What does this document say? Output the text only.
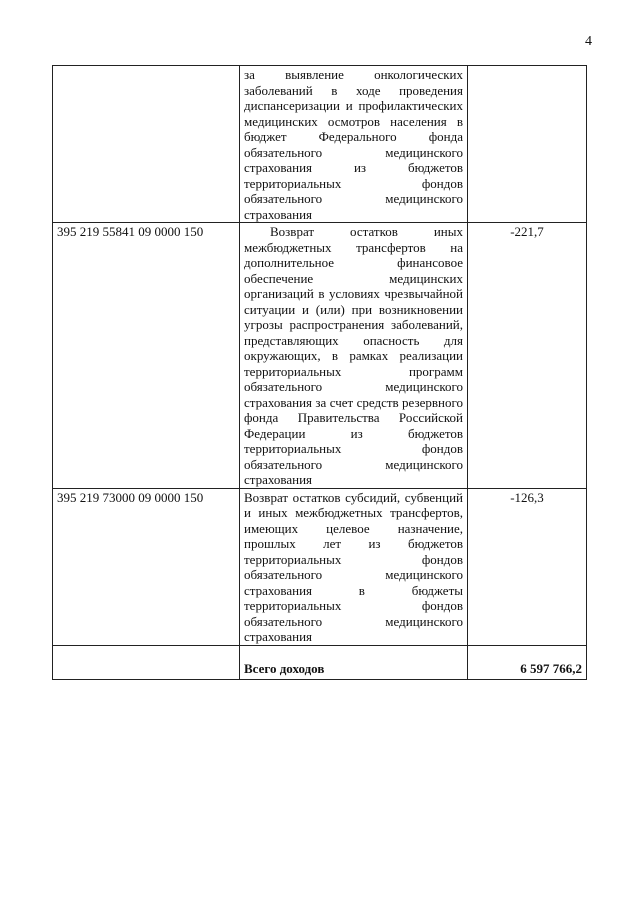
4

	за выявление онкологических заболеваний в ходе проведения диспансеризации и профилактических медицинских осмотров населения в бюджет Федерального фонда обязательного медицинского страхования из бюджетов территориальных фондов обязательного медицинского страхования	

395 219 55841 09 0000 150	Возврат остатков иных межбюджетных трансфертов на дополнительное финансовое обеспечение медицинских организаций в условиях чрезвычайной ситуации и (или) при возникновении угрозы распространения заболеваний, представляющих опасность для окружающих, в рамках реализации территориальных программ обязательного медицинского страхования за счет средств резервного фонда Правительства Российской Федерации из бюджетов территориальных фондов обязательного медицинского страхования	-221,7
395 219 73000 09 0000 150	Возврат остатков субсидий, субвенций и иных межбюджетных трансфертов, имеющих целевое назначение, прошлых лет из бюджетов территориальных фондов обязательного медицинского страхования в бюджеты территориальных фондов обязательного медицинского страхования	-126,3
	Всего доходов	6 597 766,2
